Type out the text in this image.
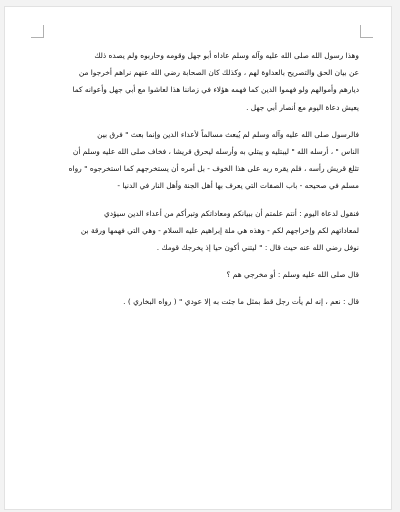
وهذا رسول الله صلى الله عليه وآله وسلم عاداه أبو جهل وقومه وحاربوه ولم يصده ذلك
عن بيان الحق والتصريح بالعداوة لهم ، وكذلك كان الصحابة رضي الله عنهم نراهم أخرجوا من
ديارهم وأموالهم ولو فهموا الدين كما فهمه هؤلاء في زماننا هذا لعاشوا مع أبي جهل وأعوانه كما
يعيش دعاة اليوم مع أنصار أبي جهل .

فالرسول صلى الله عليه وآله وسلم لم يُبعث مسالماً لأعداء الدين وإنما بعث " فرق بين
الناس " ، أرسله الله " ليبتليه و يبتلي به وأرسله ليحرق قريشا ، فخاف صلى الله عليه وسلم أن
تثلغ قريش رأسه ، فلم يقره ربه على هذا الخوف - بل أمره أن يستخرجهم كما استخرجوه " رواه
مسلم في صحيحه - باب الصفات التي يعرف بها أهل الجنة وأهل النار في الدنيا -

فنقول لدعاة اليوم : أنتم علمتم أن ببيانكم ومعاداتكم وتبرأكم من أعداء الدين سيؤدي
لمعاداتهم لكم وإخراجهم لكم - وهذه هي ملة إبراهيم عليه السلام - وهي التي فهمها ورقة بن
نوفل رضي الله عنه حيث قال : " ليتني أكون حيا إذ يخرجك قومك .

قال صلى الله عليه وسلم : أو مخرجي هم ؟

قال : نعم ، إنه لم يأت رجل قط بمثل ما جئت به إلا عودي " ( رواه البخاري ) .
